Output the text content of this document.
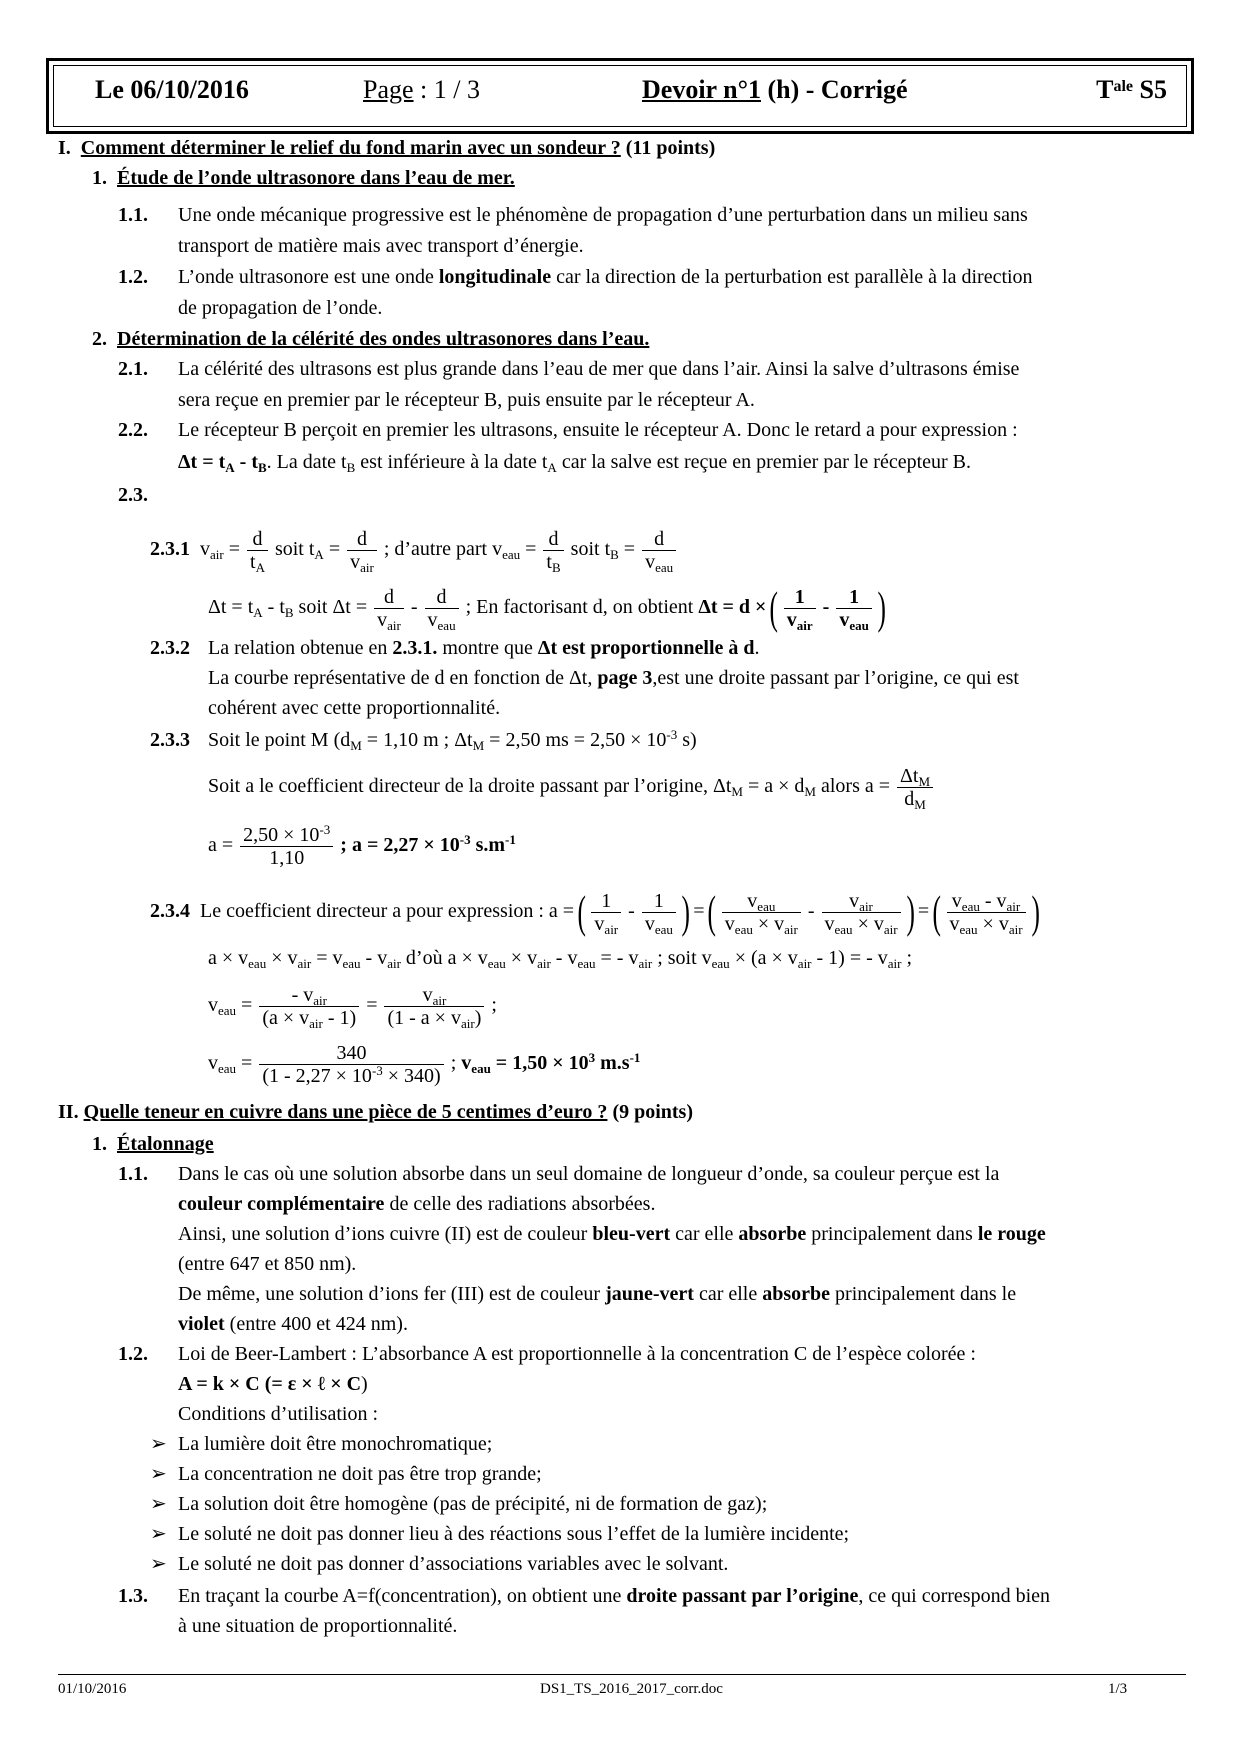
Le 06/10/2016	Page : 1 / 3	Devoir n°1 (h) - Corrigé	$T^{ale}$ S5
I. Comment déterminer le relief du fond marin avec un sondeur ? (11 points)
1. Étude de l’onde ultrasonore dans l’eau de mer.
1.1. Une onde mécanique progressive est le phénomène de propagation d’une perturbation dans un milieu sans
transport de matière mais avec transport d’énergie.
1.2. L’onde ultrasonore est une onde longitudinale car la direction de la perturbation est parallèle à la direction
de propagation de l’onde.
2. Détermination de la célérité des ondes ultrasonores dans l’eau.
2.1. La célérité des ultrasons est plus grande dans l’eau de mer que dans l’air. Ainsi la salve d’ultrasons émise
sera reçue en premier par le récepteur B, puis ensuite par le récepteur A.
2.2. Le récepteur B perçoit en premier les ultrasons, ensuite le récepteur A. Donc le retard a pour expression :
$\Delta t = t_A - t_B$. La date $t_B$ est inférieure à la date $t_A$ car la salve est reçue en premier par le récepteur B.
2.3.
2.3.1  $v_{air} = \frac{d}{t_A}$ soit $t_A = \frac{d}{v_{air}}$ ; d’autre part $v_{eau} = \frac{d}{t_B}$ soit $t_B = \frac{d}{v_{eau}}$
$\Delta t = t_A - t_B$ soit $\Delta t = \frac{d}{v_{air}} - \frac{d}{v_{eau}}$ ; En factorisant d, on obtient Δt = d ×( $\frac{1}{v_{air}} - \frac{1}{v_{eau}}$ )
2.3.2 La relation obtenue en 2.3.1. montre que Δt est proportionnelle à d.
La courbe représentative de d en fonction de Δt, page 3,est une droite passant par l’origine, ce qui est
cohérent avec cette proportionnalité.
2.3.3 Soit le point M ($d_M = 1,10$ m ; $\Delta t_M = 2,50$ ms = $2,50 \times 10^{-3}$ s)
Soit a le coefficient directeur de la droite passant par l’origine, $\Delta t_M = a \times d_M$ alors $a = \frac{\Delta t_M}{d_M}$
$a = \frac{2,50 \times 10^{-3}}{1,10}$ ; $a = 2,27 \times 10^{-3}$ $s.m^{-1}$
2.3.4 Le coefficient directeur a pour expression : a =( $\frac{1}{v_{air}} - \frac{1}{v_{eau}}$ ) =( $\frac{v_{eau}}{v_{eau} \times v_{air}} - \frac{v_{air}}{v_{eau} \times v_{air}}$ ) =( $\frac{v_{eau} - v_{air}}{v_{eau} \times v_{air}}$ )
$a \times v_{eau} \times v_{air} = v_{eau} - v_{air}$ d’où $a \times v_{eau} \times v_{air} - v_{eau}$ = - $v_{air}$ ; soit $v_{eau} \times (a \times v_{air} - 1)$ = - $v_{air}$ ;
$v_{eau} = \frac{- v_{air}}{(a \times v_{air} - 1)} = \frac{v_{air}}{(1 - a \times v_{air})}$ ;
$v_{eau} = \frac{340}{(1 - 2,27 \times 10^{-3} \times 340)}$ ; $v_{eau} = 1,50 \times 10^3$ $m.s^{-1}$
II. Quelle teneur en cuivre dans une pièce de 5 centimes d’euro ? (9 points)
1. Étalonnage
1.1. Dans le cas où une solution absorbe dans un seul domaine de longueur d’onde, sa couleur perçue est la
couleur complémentaire de celle des radiations absorbées.
Ainsi, une solution d’ions cuivre (II) est de couleur bleu-vert car elle absorbe principalement dans le rouge
(entre 647 et 850 nm).
De même, une solution d’ions fer (III) est de couleur jaune-vert car elle absorbe principalement dans le
violet (entre 400 et 424 nm).
1.2. Loi de Beer-Lambert : L’absorbance A est proportionnelle à la concentration C de l’espèce colorée :
A = k × C (= ε × ℓ × C)
Conditions d’utilisation :
➢ La lumière doit être monochromatique;
➢ La concentration ne doit pas être trop grande;
➢ La solution doit être homogène (pas de précipité, ni de formation de gaz);
➢ Le soluté ne doit pas donner lieu à des réactions sous l’effet de la lumière incidente;
➢ Le soluté ne doit pas donner d’associations variables avec le solvant.
1.3. En traçant la courbe A=f(concentration), on obtient une droite passant par l’origine, ce qui correspond bien
à une situation de proportionnalité.
01/10/2016	DS1_TS_2016_2017_corr.doc	1/3
